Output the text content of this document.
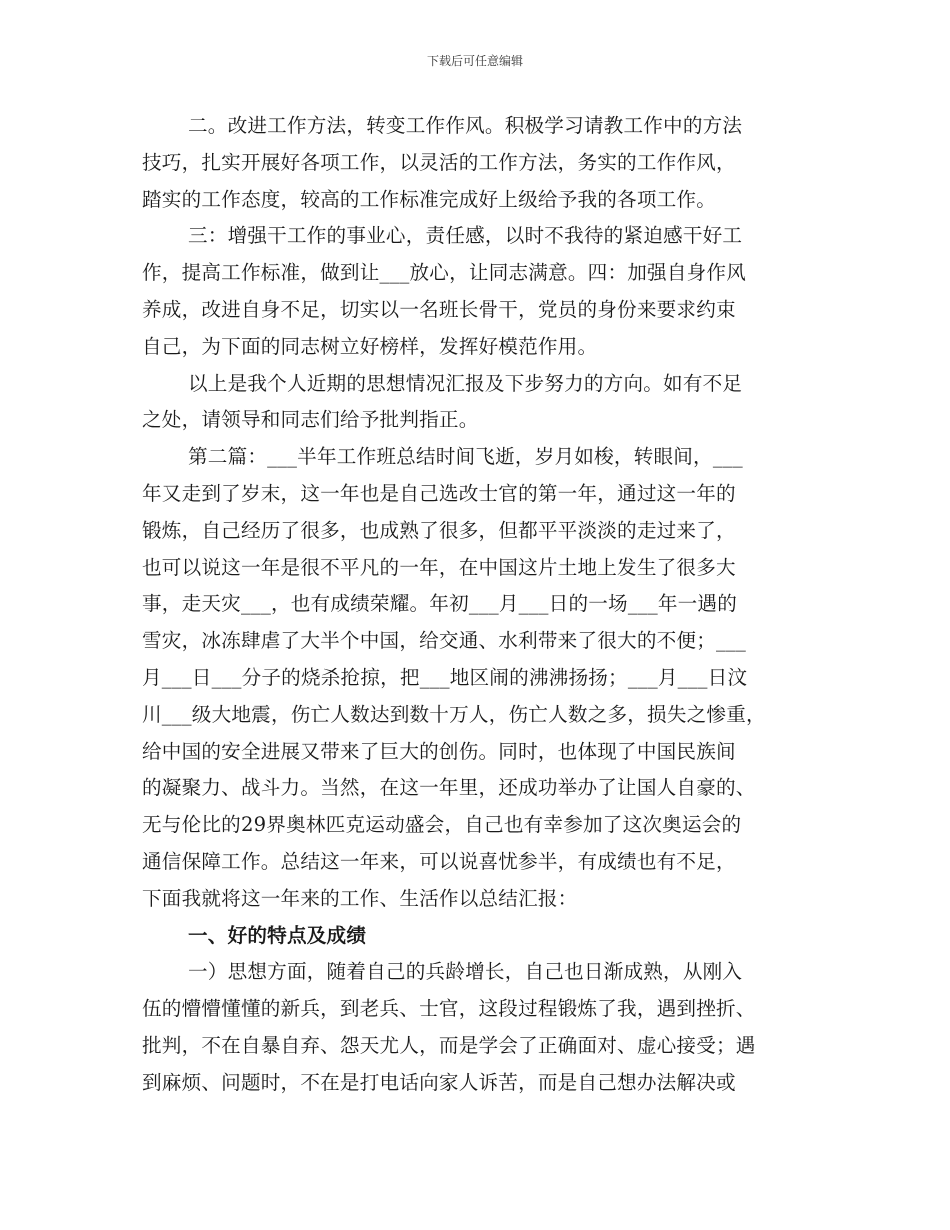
下载后可任意编辑
二。改进工作方法，转变工作作风。积极学习请教工作中的方法
技巧，扎实开展好各项工作，以灵活的工作方法，务实的工作作风，
踏实的工作态度，较高的工作标准完成好上级给予我的各项工作。
三：增强干工作的事业心，责任感，以时不我待的紧迫感干好工
作，提高工作标准，做到让___放心，让同志满意。四：加强自身作风
养成，改进自身不足，切实以一名班长骨干，党员的身份来要求约束
自己，为下面的同志树立好榜样，发挥好模范作用。
以上是我个人近期的思想情况汇报及下步努力的方向。如有不足
之处，请领导和同志们给予批判指正。
第二篇：___半年工作班总结时间飞逝，岁月如梭，转眼间，___
年又走到了岁末，这一年也是自己选改士官的第一年，通过这一年的
锻炼，自己经历了很多，也成熟了很多，但都平平淡淡的走过来了，
也可以说这一年是很不平凡的一年，在中国这片土地上发生了很多大
事，走天灾___，也有成绩荣耀。年初___月___日的一场___年一遇的
雪灾，冰冻肆虐了大半个中国，给交通、水利带来了很大的不便；___
月___日___分子的烧杀抢掠，把___地区闹的沸沸扬扬；___月___日汶
川___级大地震，伤亡人数达到数十万人，伤亡人数之多，损失之惨重，
给中国的安全进展又带来了巨大的创伤。同时，也体现了中国民族间
的凝聚力、战斗力。当然，在这一年里，还成功举办了让国人自豪的、
无与伦比的29界奥林匹克运动盛会，自己也有幸参加了这次奥运会的
通信保障工作。总结这一年来，可以说喜忧参半，有成绩也有不足，
下面我就将这一年来的工作、生活作以总结汇报：
一、好的特点及成绩
一）思想方面，随着自己的兵龄增长，自己也日渐成熟，从刚入
伍的懵懵懂懂的新兵，到老兵、士官，这段过程锻炼了我，遇到挫折、
批判，不在自暴自弃、怨天尤人，而是学会了正确面对、虚心接受；遇
到麻烦、问题时，不在是打电话向家人诉苦，而是自己想办法解决或
